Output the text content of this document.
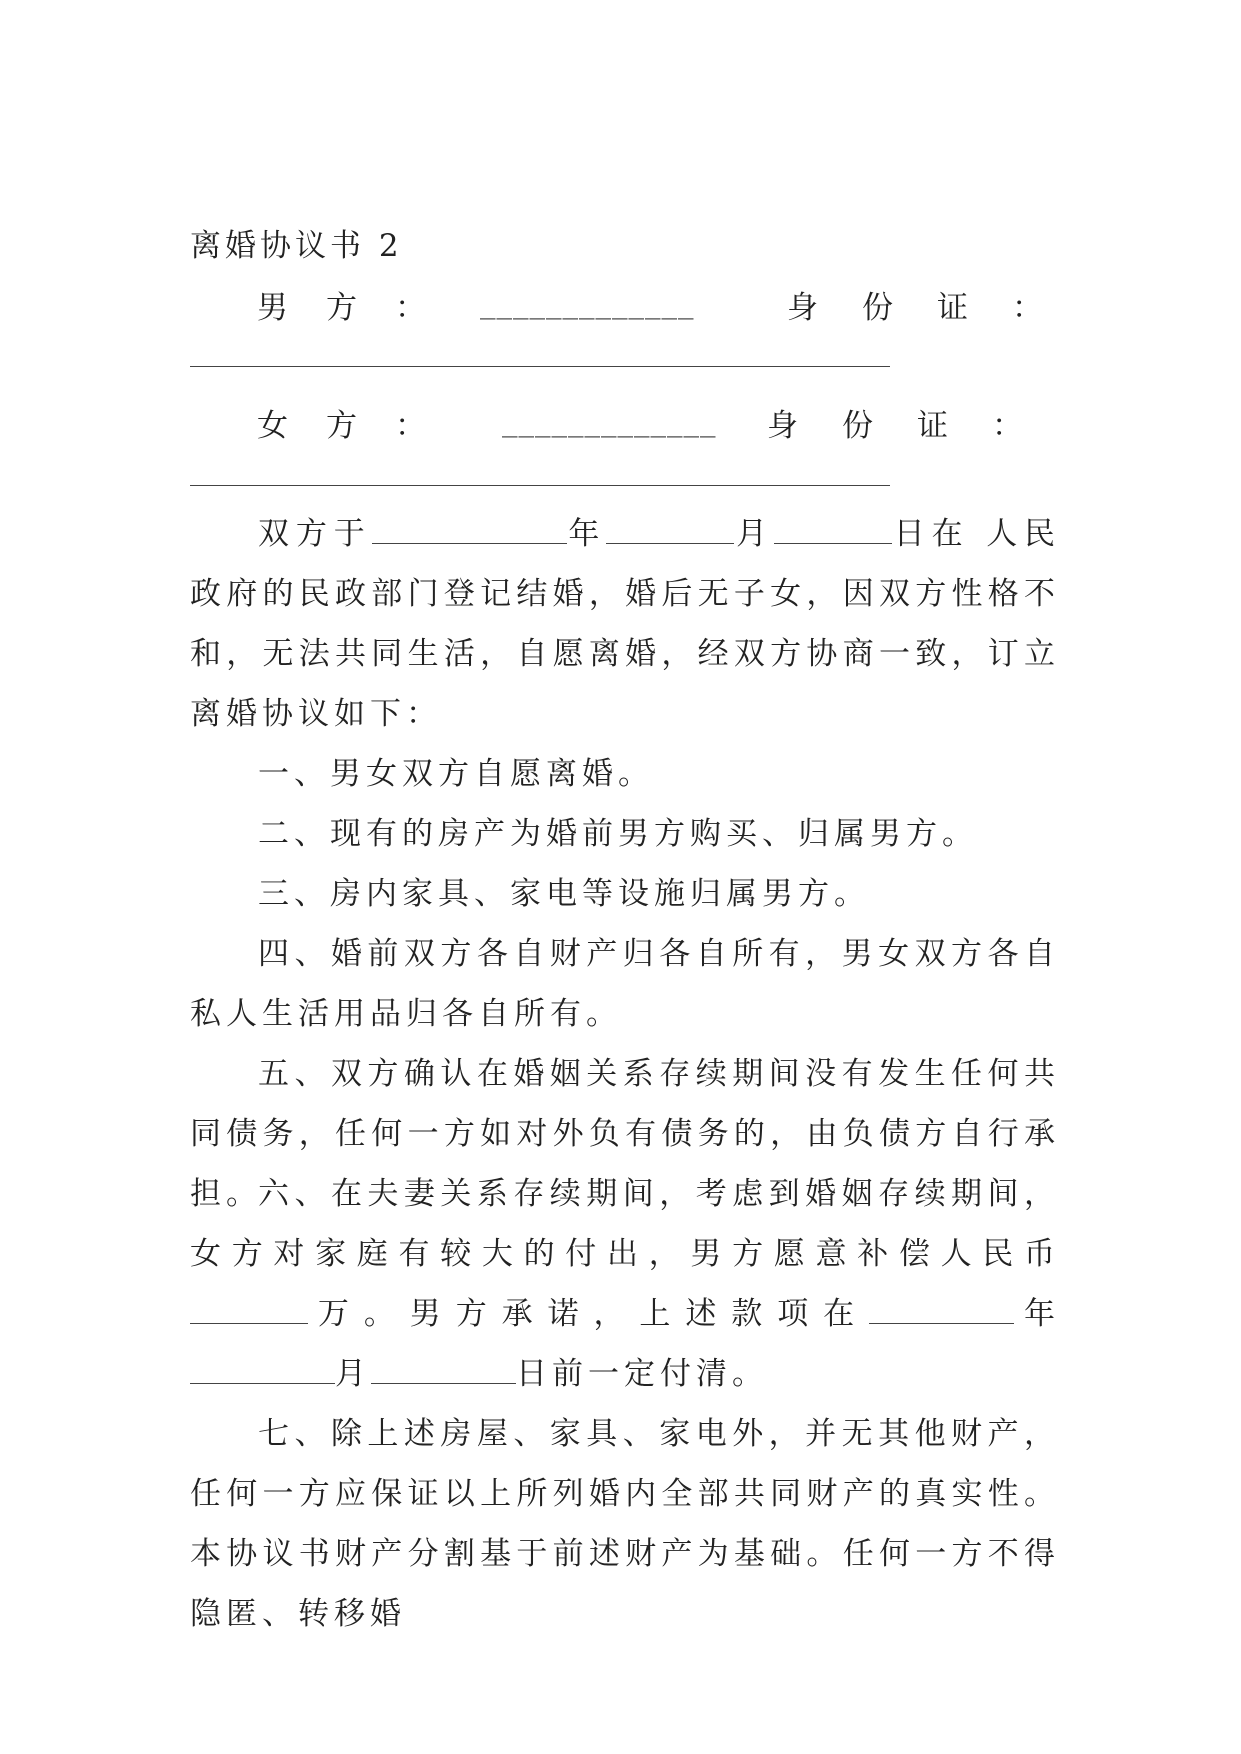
离婚协议书 2
男方： _____________	身份证：
女方： _____________ 身份证：

双方于	年	月	日在 人民政府的民政部门登记结婚，婚后无子女，因双方性格不和，无法共同生活，自愿离婚，经双方协商一致，订立离婚协议如下：

一、男女双方自愿离婚。

二、现有的房产为婚前男方购买、归属男方。

三、房内家具、家电等设施归属男方。

四、婚前双方各自财产归各自所有，男女双方各自私人生活用品归各自所有。

五、双方确认在婚姻关系存续期间没有发生任何共同债务，任何一方如对外负有债务的，由负债方自行承担。

六、在夫妻关系存续期间，考虑到婚姻存续期间，女方对家庭有较大的付出，男方愿意补偿人民币万。男方承诺，上述款项在	年月	日前一定付清。

七、除上述房屋、家具、家电外，并无其他财产，任何一方应保证以上所列婚内全部共同财产的真实性。本协议书财产分割基于前述财产为基础。任何一方不得隐匿、转移婚
